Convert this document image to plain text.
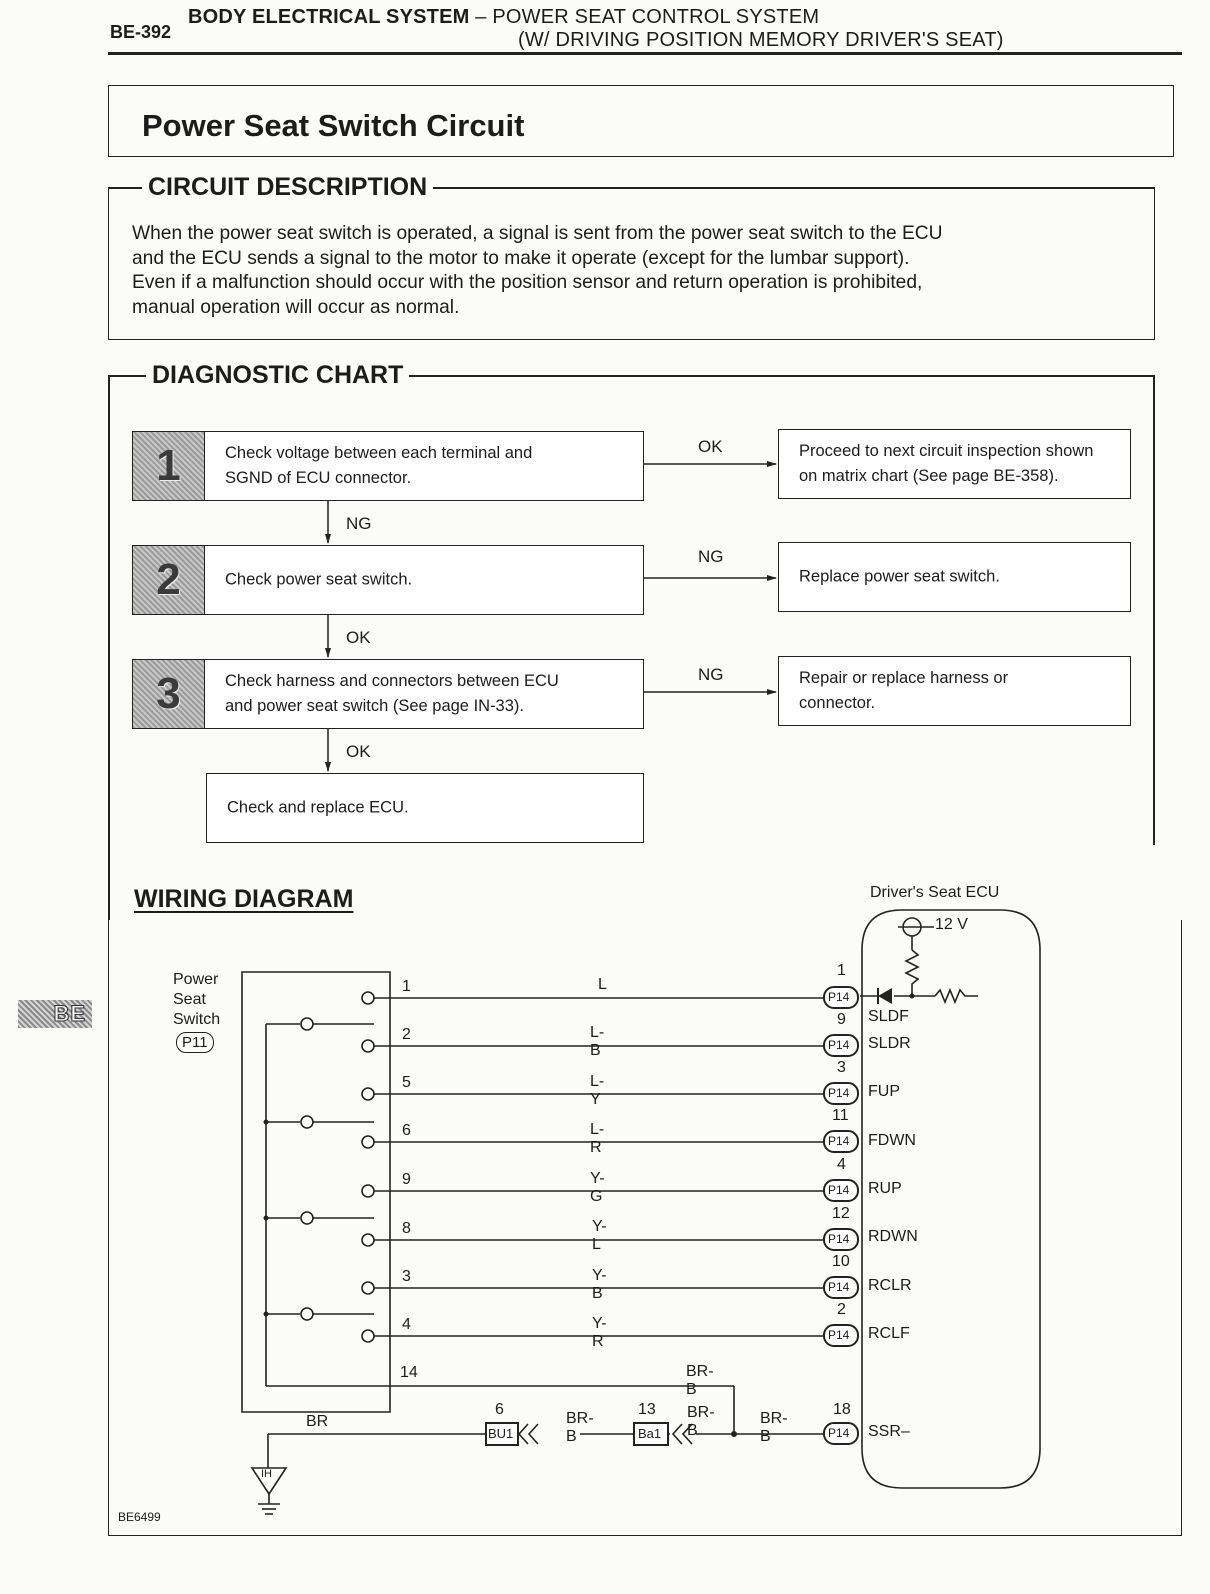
BE-392
BODY ELECTRICAL SYSTEM – POWER SEAT CONTROL SYSTEM
(W/ DRIVING POSITION MEMORY DRIVER'S SEAT)
Power Seat Switch Circuit
CIRCUIT DESCRIPTION
When the power seat switch is operated, a signal is sent from the power seat switch to the ECU
and the ECU sends a signal to the motor to make it operate (except for the lumbar support).
Even if a malfunction should occur with the position sensor and return operation is prohibited,
manual operation will occur as normal.
DIAGNOSTIC CHART
1	Check voltage between each terminal and
SGND of ECU connector.
2	Check power seat switch.
3	Check harness and connectors between ECU
and power seat switch (See page IN-33).
Check and replace ECU.
Proceed to next circuit inspection shown
on matrix chart (See page BE-358).
Replace power seat switch.
Repair or replace harness or
connector.
OK
NG
NG
NG
OK
OK
WIRING DIAGRAM
BE6499
Power
Seat
Switch
P11
Driver's Seat ECU
12 V
1
2
5
6
9
8
3
4
L
L-B
L-Y
L-R
Y-G
Y-L
Y-B
Y-R
1
9
3
11
4
12
10
2
P14
P14
P14
P14
P14
P14
P14
P14
SLDF
SLDR
FUP
FDWN
RUP
RDWN
RCLR
RCLF
14	BR-B
18
P14 SSR–
BR-B
BR-B
13
Ba1
BR-B
6
BU1
BR
IH
BE
